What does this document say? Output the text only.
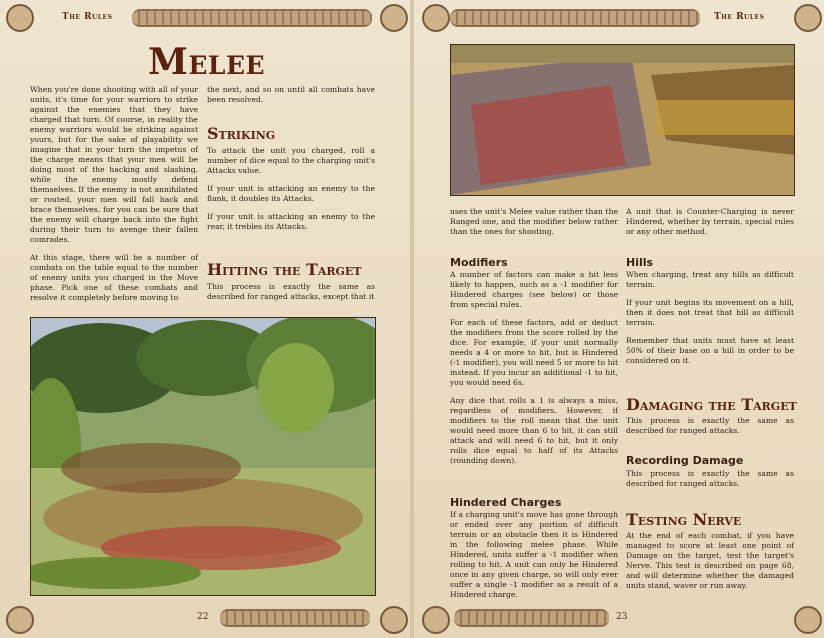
The Rules
Melee

When you're done shooting with all of your units, it's time for your warriors to strike against the enemies that they have charged that turn. Of course, in reality the enemy warriors would be striking against yours, but for the sake of playability we imagine that in your turn the impetus of the charge means that your men will be doing most of the hacking and slashing, while the enemy mostly defend themselves. If the enemy is not annihilated or routed, your men will fall back and brace themselves, for you can be sure that the enemy will charge back into the fight during their turn to avenge their fallen comrades.

At this stage, there will be a number of combats on the table equal to the number of enemy units you charged in the Move phase. Pick one of these combats and resolve it completely before moving to

the next, and so on until all combats have been resolved.
Striking

To attack the unit you charged, roll a number of dice equal to the charging unit's Attacks value.

If your unit is attacking an enemy to the flank, it doubles its Attacks.

If your unit is attacking an enemy to the rear, it trebles its Attacks.

Hitting the Target
This process is exactly the same as described for ranged attacks, except that it
22
The Rules
uses the unit's Melee value rather than the Ranged one, and the modifier below rather than the ones for shooting.
A unit that is Counter-Charging is never Hindered, whether by terrain, special rules or any other method.
Modifiers

A number of factors can make a hit less likely to happen, such as a -1 modifier for Hindered charges (see below) or those from special rules.

For each of these factors, add or deduct the modifiers from the score rolled by the dice. For example, if your unit normally needs a 4 or more to hit, but is Hindered (-1 modifier), you will need 5 or more to hit instead. If you incur an additional -1 to hit, you would need 6s.

Any dice that rolls a 1 is always a miss, regardless of modifiers. However, if modifiers to the roll mean that the unit would need more than 6 to hit, it can still attack and will need 6 to hit, but it only rolls dice equal to half of its Attacks (rounding down).

Hindered Charges
If a charging unit's move has gone through or ended over any portion of difficult terrain or an obstacle then it is Hindered in the following melee phase. While Hindered, units suffer a -1 modifier when rolling to hit. A unit can only be Hindered once in any given charge, so will only ever suffer a single -1 modifier as a result of a Hindered charge.
Hills

When charging, treat any hills as difficult terrain.

If your unit begins its movement on a hill, then it does not treat that hill as difficult terrain.

Remember that units must have at least 50% of their base on a hill in order to be considered on it.

Damaging the Target
This process is exactly the same as described for ranged attacks.
Recording Damage
This process is exactly the same as described for ranged attacks.
Testing Nerve
At the end of each combat, if you have managed to score at least one point of Damage on the target, test the target's Nerve. This test is described on page 68, and will determine whether the damaged units stand, waver or run away.
23
